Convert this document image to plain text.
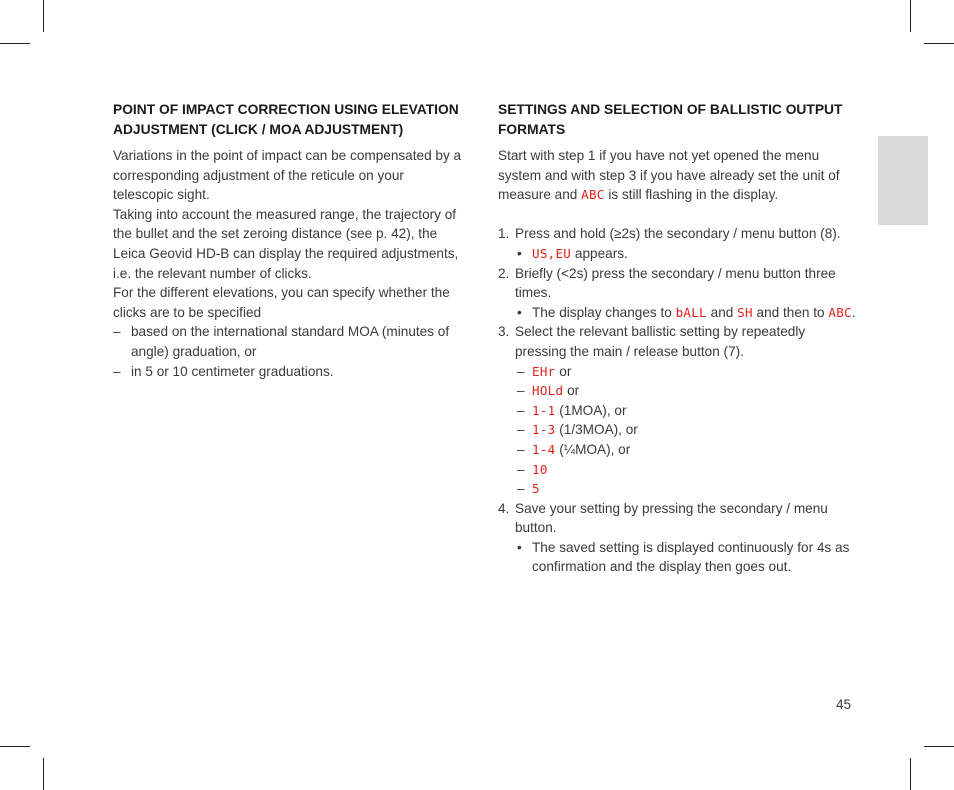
POINT OF IMPACT CORRECTION USING ELEVATION ADJUSTMENT (CLICK / MOA ADJUSTMENT)

Variations in the point of impact can be compensated by a corresponding adjustment of the reticule on your telescopic sight.

Taking into account the measured range, the trajectory of the bullet and the set zeroing distance (see p. 42), the Leica Geovid HD-B can display the required adjustments, i.e. the relevant number of clicks.

For the different elevations, you can specify whether the clicks are to be specified

– based on the international standard MOA (minutes of angle) graduation, or
– in 5 or 10 centimeter graduations.
SETTINGS AND SELECTION OF BALLISTIC OUTPUT FORMATS

Start with step 1 if you have not yet opened the menu system and with step 3 if you have already set the unit of measure and ABC is still flashing in the display.

1. Press and hold (≥2s) the secondary / menu button (8).
• US,EU appears.
2. Briefly (<2s) press the secondary / menu button three times.
• The display changes to bALL and SH and then to ABC.
3. Select the relevant ballistic setting by repeatedly pressing the main / release button (7).
– EHr or
– HOLd or
– 1-1 (1MOA), or
– 1-3 (1/3MOA), or
– 1-4 (¼MOA), or
– 10
– 5
4. Save your setting by pressing the secondary / menu button.
• The saved setting is displayed continuously for 4s as confirmation and the display then goes out.
45
